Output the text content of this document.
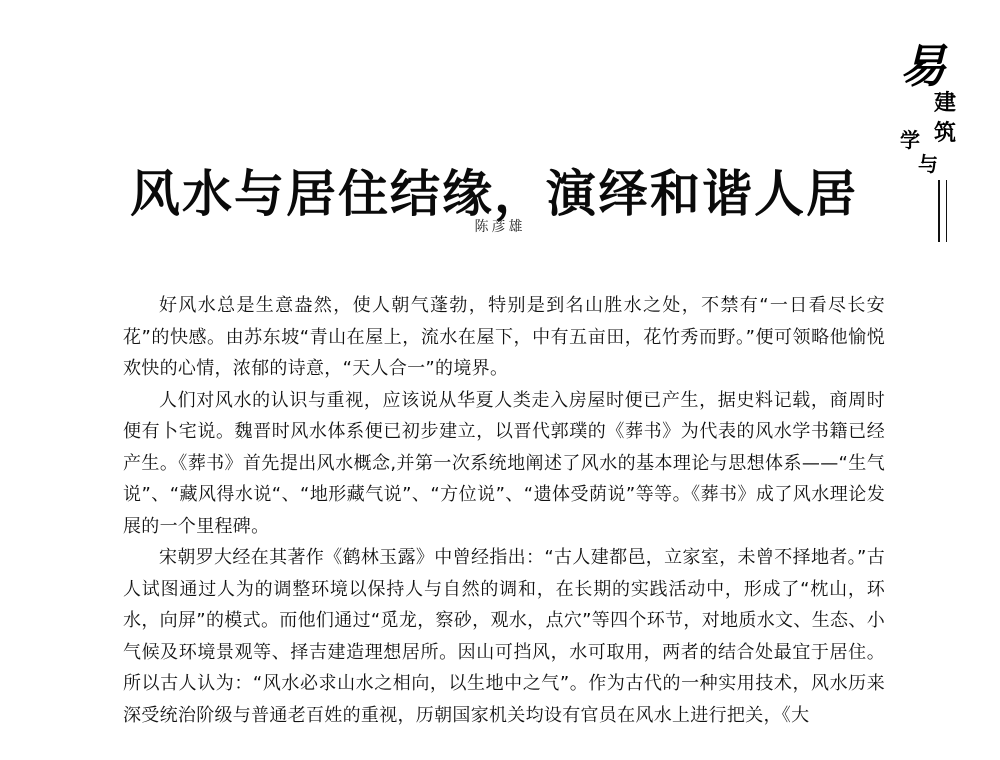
易
建
筑
学
与
风水与居住结缘，演绎和谐人居
陈彦雄

好风水总是生意盎然，使人朝气蓬勃，特别是到名山胜水之处，不禁有“一日看尽长安花”的快感。由苏东坡“青山在屋上，流水在屋下，中有五亩田，花竹秀而野。”便可领略他愉悦欢快的心情，浓郁的诗意，“天人合一”的境界。

人们对风水的认识与重视，应该说从华夏人类走入房屋时便已产生，据史料记载，商周时便有卜宅说。魏晋时风水体系便已初步建立，以晋代郭璞的《葬书》为代表的风水学书籍已经产生。《葬书》首先提出风水概念,并第一次系统地阐述了风水的基本理论与思想体系——“生气说”、“藏风得水说“、“地形藏气说”、“方位说”、“遗体受荫说”等等。《葬书》成了风水理论发展的一个里程碑。

宋朝罗大经在其著作《鹤林玉露》中曾经指出：“古人建都邑，立家室，未曾不择地者。”古人试图通过人为的调整环境以保持人与自然的调和，在长期的实践活动中，形成了“枕山，环水，向屏”的模式。而他们通过“觅龙，察砂，观水，点穴”等四个环节，对地质水文、生态、小气候及环境景观等、择吉建造理想居所。因山可挡风，水可取用，两者的结合处最宜于居住。所以古人认为：“风水必求山水之相向，以生地中之气”。作为古代的一种实用技术，风水历来深受统治阶级与普通老百姓的重视，历朝国家机关均设有官员在风水上进行把关，《大
